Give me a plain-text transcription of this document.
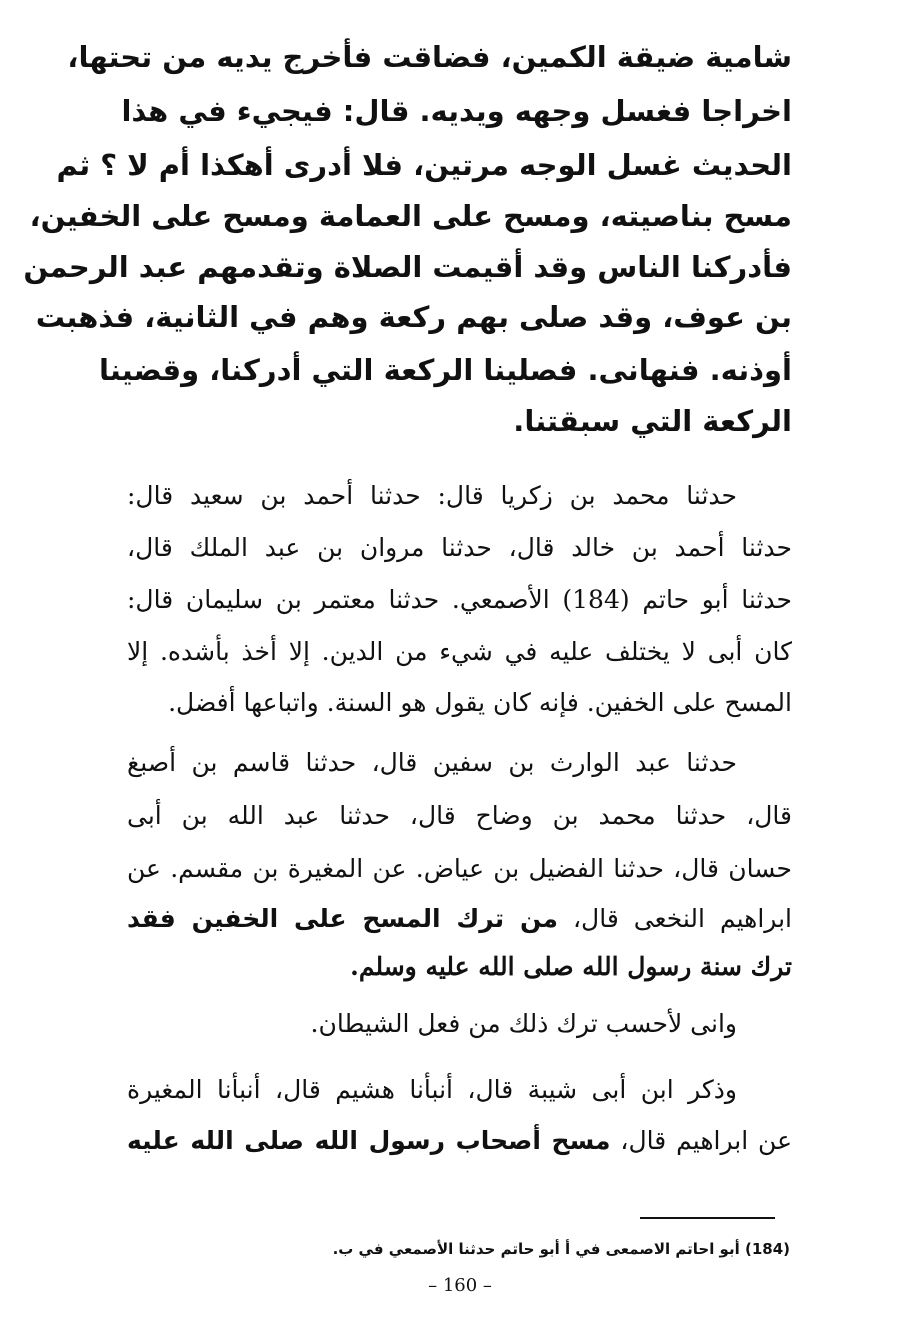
شامية ضيقة الكمين، فضاقت فأخرج يديه من تحتها،
اخراجا فغسل وجهه ويديه. قال: فيجيء في هذا
الحديث غسل الوجه مرتين، فلا أدرى أهكذا أم لا ؟ ثم
مسح بناصيته، ومسح على العمامة ومسح على الخفين،
فأدركنا الناس وقد أقيمت الصلاة وتقدمهم عبد الرحمن
بن عوف، وقد صلى بهم ركعة وهم في الثانية، فذهبت
أوذنه. فنهانى. فصلينا الركعة التي أدركنا، وقضينا
الركعة التي سبقتنا.
حدثنا محمد بن زكريا قال: حدثنا أحمد بن سعيد قال:
حدثنا أحمد بن خالد قال، حدثنا مروان بن عبد الملك قال،
حدثنا أبو حاتم (184) الأصمعي. حدثنا معتمر بن سليمان قال:
كان أبى لا يختلف عليه في شيء من الدين. إلا أخذ بأشده. إلا
المسح على الخفين. فإنه كان يقول هو السنة. واتباعها أفضل.
حدثنا عبد الوارث بن سفين قال، حدثنا قاسم بن أصبغ
قال، حدثنا محمد بن وضاح قال، حدثنا عبد الله بن أبى
حسان قال، حدثنا الفضيل بن عياض. عن المغيرة بن مقسم. عن
ابراهيم النخعى قال، من ترك المسح على الخفين فقد
ترك سنة رسول الله صلى الله عليه وسلم.
وانى لأحسب ترك ذلك من فعل الشيطان.
وذكر ابن أبى شيبة قال، أنبأنا هشيم قال، أنبأنا المغيرة
عن ابراهيم قال، مسح أصحاب رسول الله صلى الله عليه
(184) أبو احاتم الاصمعى في أ أبو حاتم حدثنا الأصمعي في ب.
– 160 –
